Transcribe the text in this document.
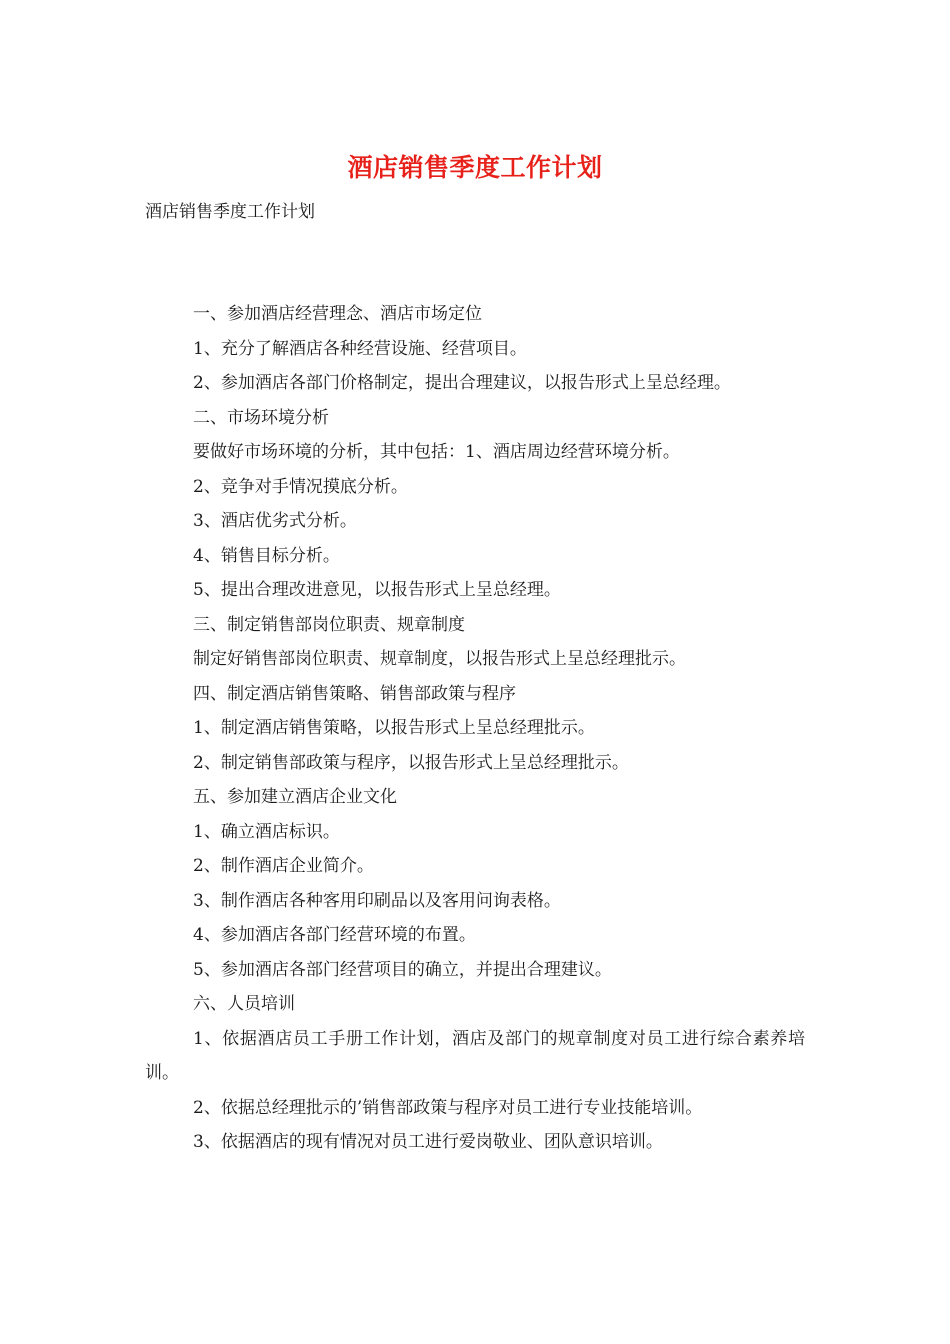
酒店销售季度工作计划
酒店销售季度工作计划

一、参加酒店经营理念、酒店市场定位

1、充分了解酒店各种经营设施、经营项目。

2、参加酒店各部门价格制定，提出合理建议，以报告形式上呈总经理。

二、市场环境分析

要做好市场环境的分析，其中包括：1、酒店周边经营环境分析。

2、竞争对手情况摸底分析。

3、酒店优劣式分析。

4、销售目标分析。

5、提出合理改进意见，以报告形式上呈总经理。

三、制定销售部岗位职责、规章制度

制定好销售部岗位职责、规章制度，以报告形式上呈总经理批示。

四、制定酒店销售策略、销售部政策与程序

1、制定酒店销售策略，以报告形式上呈总经理批示。

2、制定销售部政策与程序，以报告形式上呈总经理批示。

五、参加建立酒店企业文化

1、确立酒店标识。

2、制作酒店企业简介。

3、制作酒店各种客用印刷品以及客用问询表格。

4、参加酒店各部门经营环境的布置。

5、参加酒店各部门经营项目的确立，并提出合理建议。

六、人员培训

1、依据酒店员工手册工作计划，酒店及部门的规章制度对员工进行综合素养培训。

2、依据总经理批示的’销售部政策与程序对员工进行专业技能培训。

3、依据酒店的现有情况对员工进行爱岗敬业、团队意识培训。
